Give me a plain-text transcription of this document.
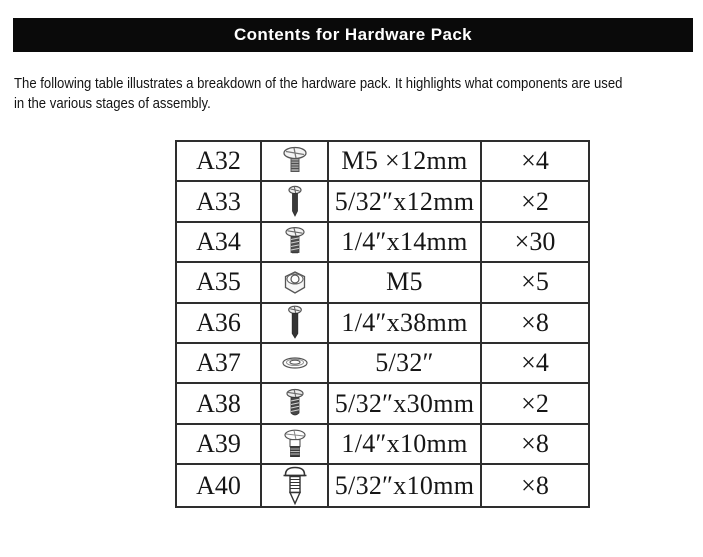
Contents for Hardware Pack
The following table illustrates a breakdown of the hardware pack. It highlights what components are used
in the various stages of assembly.
A32		M5 ×12mm	×4
A33		5/32″x12mm	×2
A34		1/4″x14mm	×30
A35		M5	×5
A36		1/4″x38mm	×8
A37		5/32″	×4
A38		5/32″x30mm	×2
A39		1/4″x10mm	×8
A40		5/32″x10mm	×8
